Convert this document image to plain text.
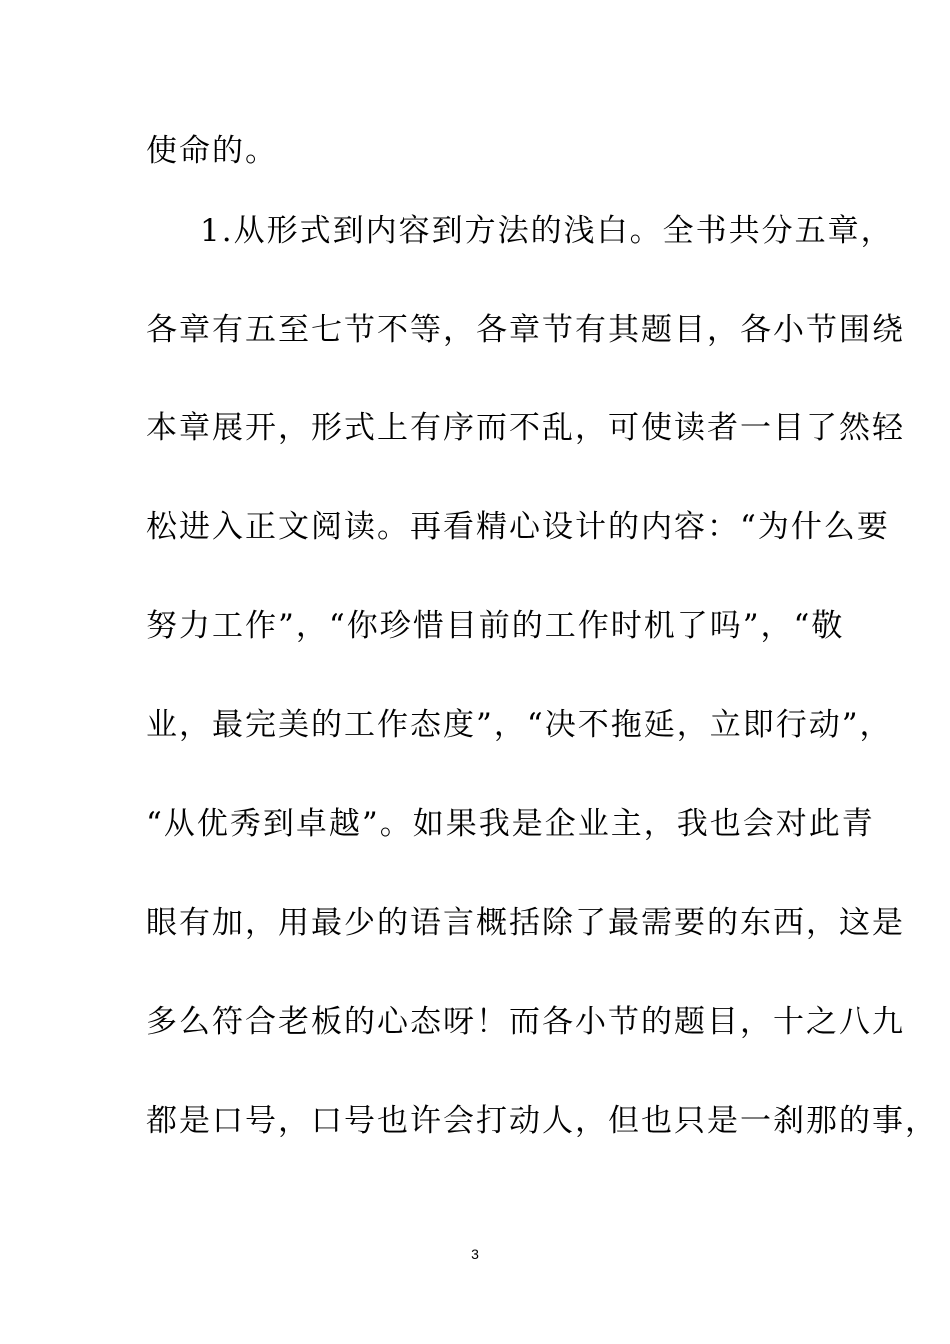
使命的。
1.从形式到内容到方法的浅白。全书共分五章，
各章有五至七节不等，各章节有其题目，各小节围绕
本章展开，形式上有序而不乱，可使读者一目了然轻
松进入正文阅读。再看精心设计的内容：“为什么要
努力工作”，“你珍惜目前的工作时机了吗”，“敬
业，最完美的工作态度”，“决不拖延，立即行动”，
“从优秀到卓越”。如果我是企业主，我也会对此青
眼有加，用最少的语言概括除了最需要的东西，这是
多么符合老板的心态呀！而各小节的题目，十之八九
都是口号，口号也许会打动人，但也只是一刹那的事，
3
